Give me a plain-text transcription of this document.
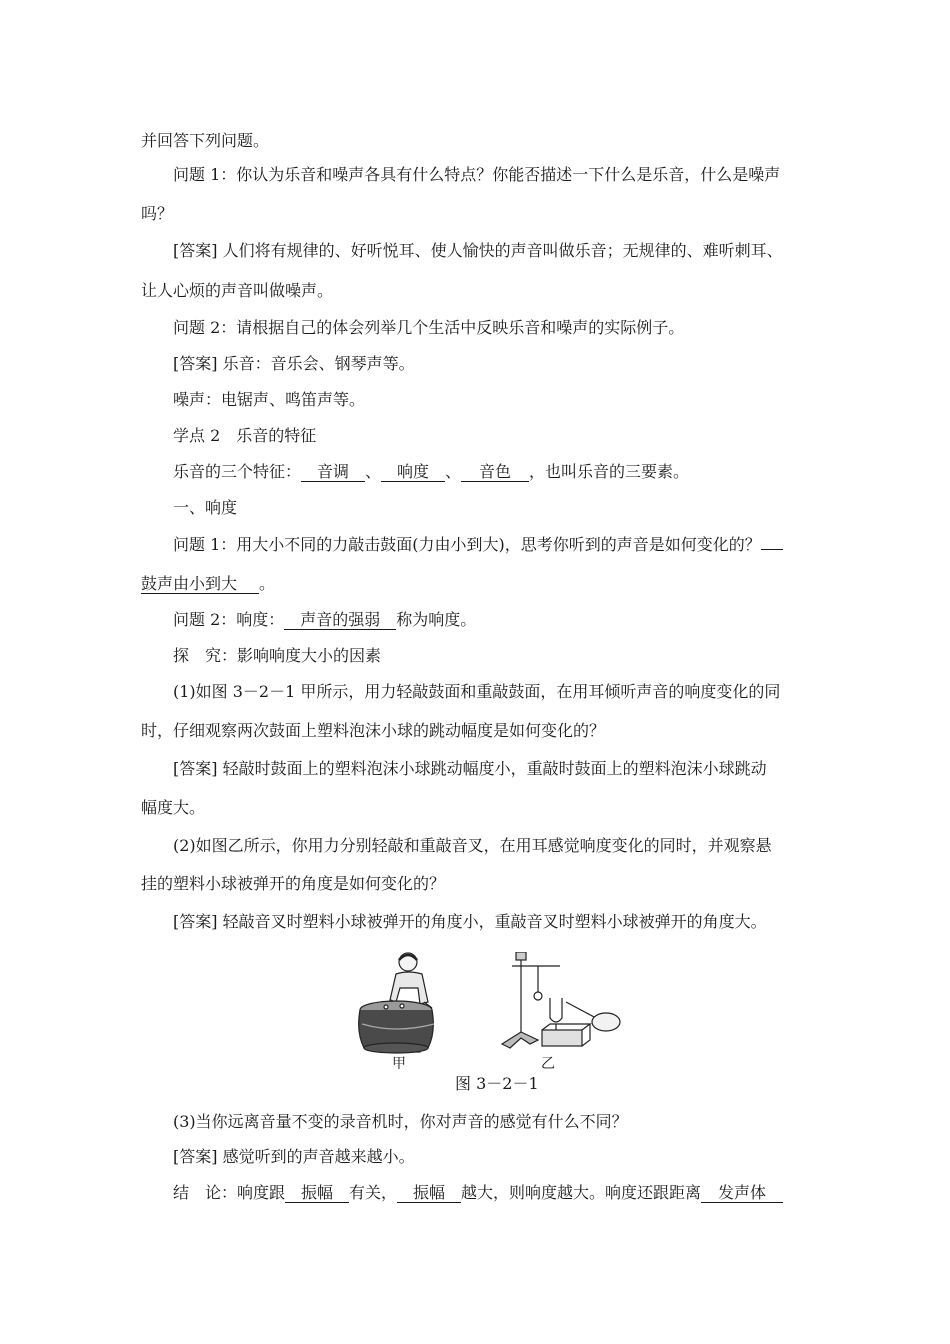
并回答下列问题。
问题 1：你认为乐音和噪声各具有什么特点？你能否描述一下什么是乐音，什么是噪声
吗？
[答案] 人们将有规律的、好听悦耳、使人愉快的声音叫做乐音；无规律的、难听刺耳、
让人心烦的声音叫做噪声。
问题 2：请根据自己的体会列举几个生活中反映乐音和噪声的实际例子。
[答案] 乐音：音乐会、钢琴声等。
噪声：电锯声、鸣笛声等。
学点 2　乐音的特征
乐音的三个特征： 音调 、 响度 、 音色 ，也叫乐音的三要素。
一、响度
问题 1：用大小不同的力敲击鼓面(力由小到大)，思考你听到的声音是如何变化的？
鼓声由小到大 。
问题 2：响度： 声音的强弱 称为响度。
探　究：影响响度大小的因素
(1)如图 3－2－1 甲所示，用力轻敲鼓面和重敲鼓面，在用耳倾听声音的响度变化的同
时，仔细观察两次鼓面上塑料泡沫小球的跳动幅度是如何变化的？
[答案] 轻敲时鼓面上的塑料泡沫小球跳动幅度小，重敲时鼓面上的塑料泡沫小球跳动
幅度大。
(2)如图乙所示，你用力分别轻敲和重敲音叉，在用耳感觉响度变化的同时，并观察悬
挂的塑料小球被弹开的角度是如何变化的？
[答案] 轻敲音叉时塑料小球被弹开的角度小，重敲音叉时塑料小球被弹开的角度大。
甲	乙
图 3－2－1
(3)当你远离音量不变的录音机时，你对声音的感觉有什么不同？
[答案] 感觉听到的声音越来越小。
结　论：响度跟 振幅 有关， 振幅 越大，则响度越大。响度还跟距离 发声体
